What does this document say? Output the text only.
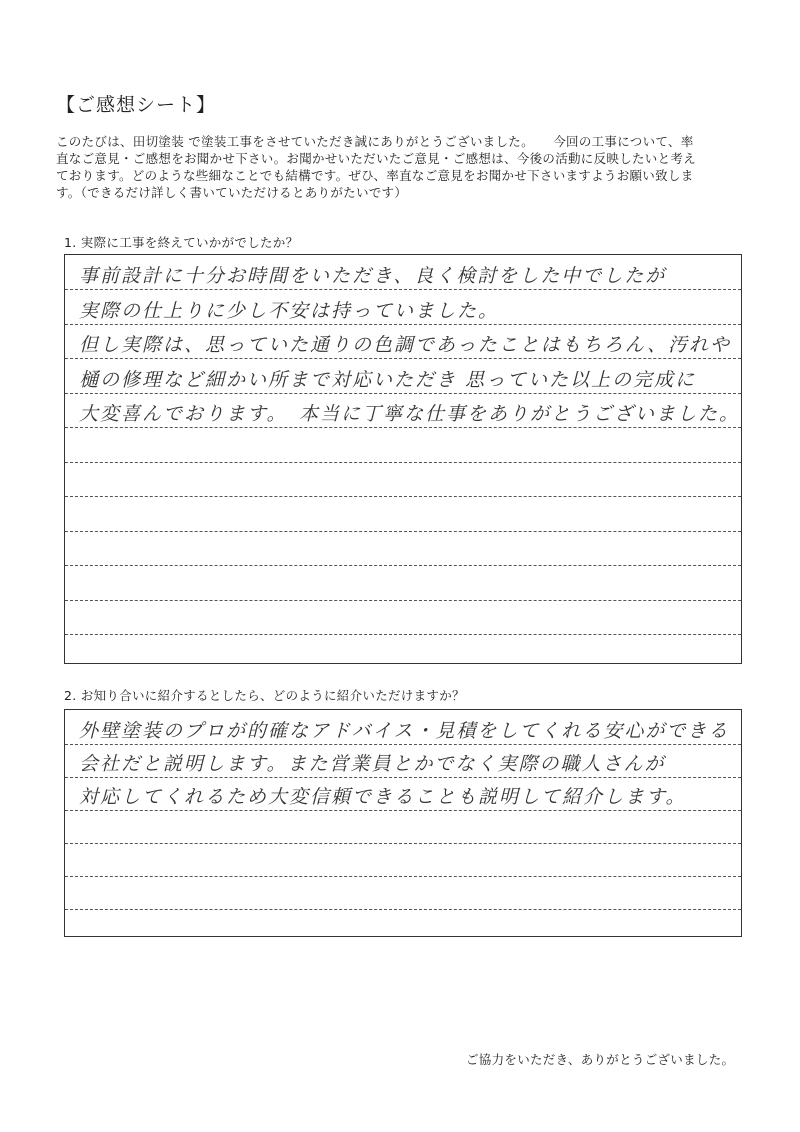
【ご感想シート】
このたびは、田切塗装 で塗装工事をさせていただき誠にありがとうございました。　　今回の工事について、率
直なご意見・ご感想をお聞かせ下さい。お聞かせいただいたご意見・ご感想は、今後の活動に反映したいと考え
ております。どのような些細なことでも結構です。ぜひ、率直なご意見をお聞かせ下さいますようお願い致しま
す。（できるだけ詳しく書いていただけるとありがたいです）
1. 実際に工事を終えていかがでしたか？
事前設計に十分お時間をいただき、良く検討をした中でしたが
実際の仕上りに少し不安は持っていました。
但し実際は、思っていた通りの色調であったことはもちろん、汚れや
樋の修理など細かい所まで対応いただき 思っていた以上の完成に
大変喜んでおります。　本当に丁寧な仕事をありがとうございました。
2. お知り合いに紹介するとしたら、どのように紹介いただけますか？
外壁塗装のプロが的確なアドバイス・見積をしてくれる安心ができる
会社だと説明します。また営業員とかでなく実際の職人さんが
対応してくれるため大変信頼できることも説明して紹介します。
ご協力をいただき、ありがとうございました。
